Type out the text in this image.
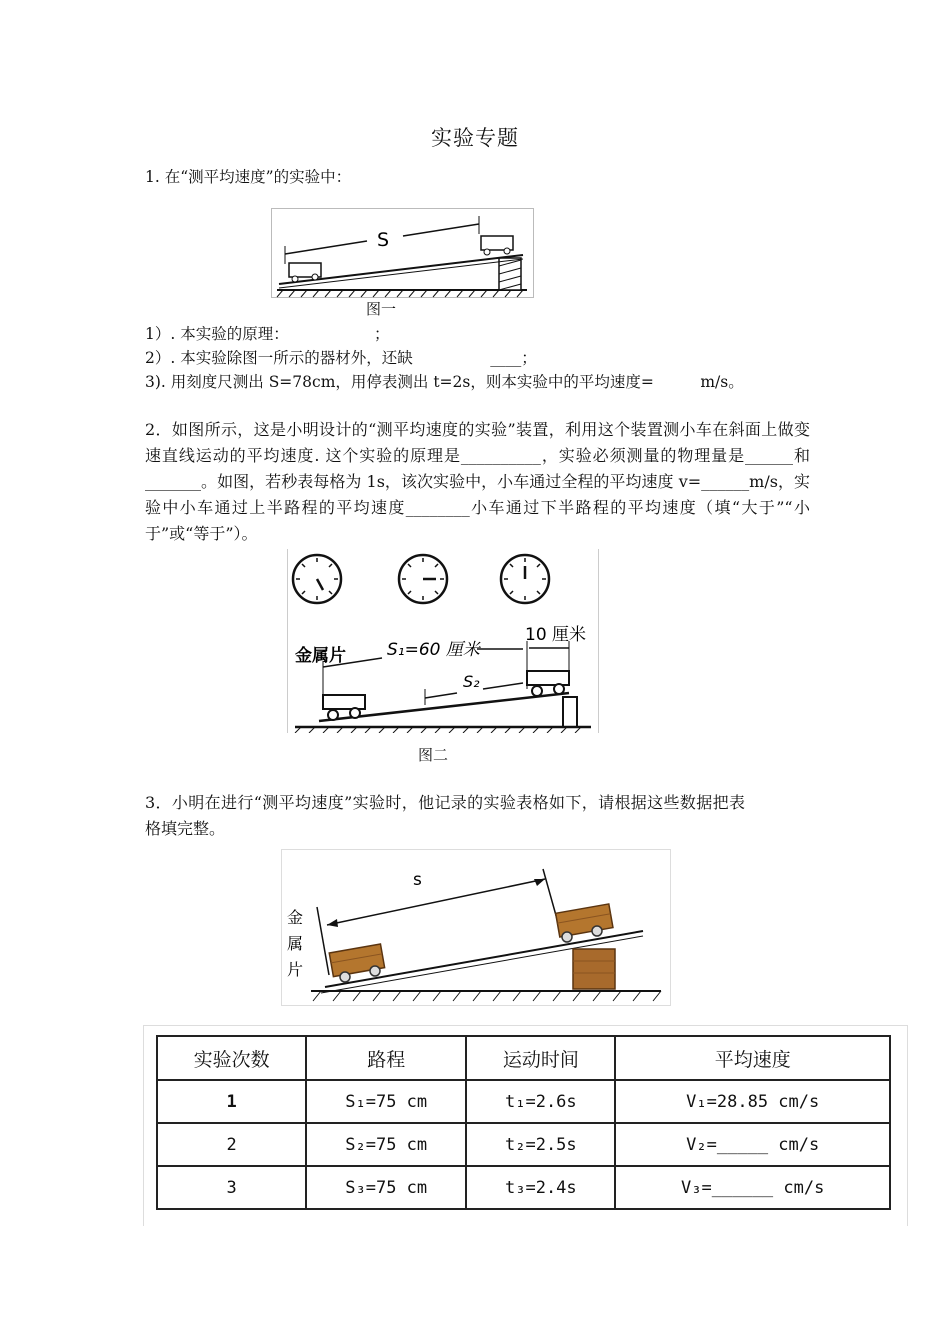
实验专题
1. 在“测平均速度”的实验中：
S
图一
1）. 本实验的原理：　　　　　　；
2）. 本实验除图一所示的器材外，还缺　　　　　____；
3). 用刻度尺测出 S=78cm，用停表测出 t=2s，则本实验中的平均速度=　　　m/s。
2．如图所示，这是小明设计的“测平均速度的实验”装置，利用这个装置测小车在斜面上做变速直线运动的平均速度. 这个实验的原理是__________，实验必须测量的物理量是______和_______。如图，若秒表每格为 1s，该次实验中，小车通过全程的平均速度 v=______m/s，实验中小车通过上半路程的平均速度________小车通过下半路程的平均速度（填“大于”“小于”或“等于”）。
金属片 S₁=60 厘米
10 厘米
S₂
图二
3．小明在进行“测平均速度”实验时，他记录的实验表格如下，请根据这些数据把表格填完整。
金
属
片
s
实验次数	路程	运动时间	平均速度
1	S₁=75 cm	t₁=2.6s	V₁=28.85 cm/s
2	S₂=75 cm	t₂=2.5s	V₂=_____ cm/s
3	S₃=75 cm	t₃=2.4s	V₃=______ cm/s
